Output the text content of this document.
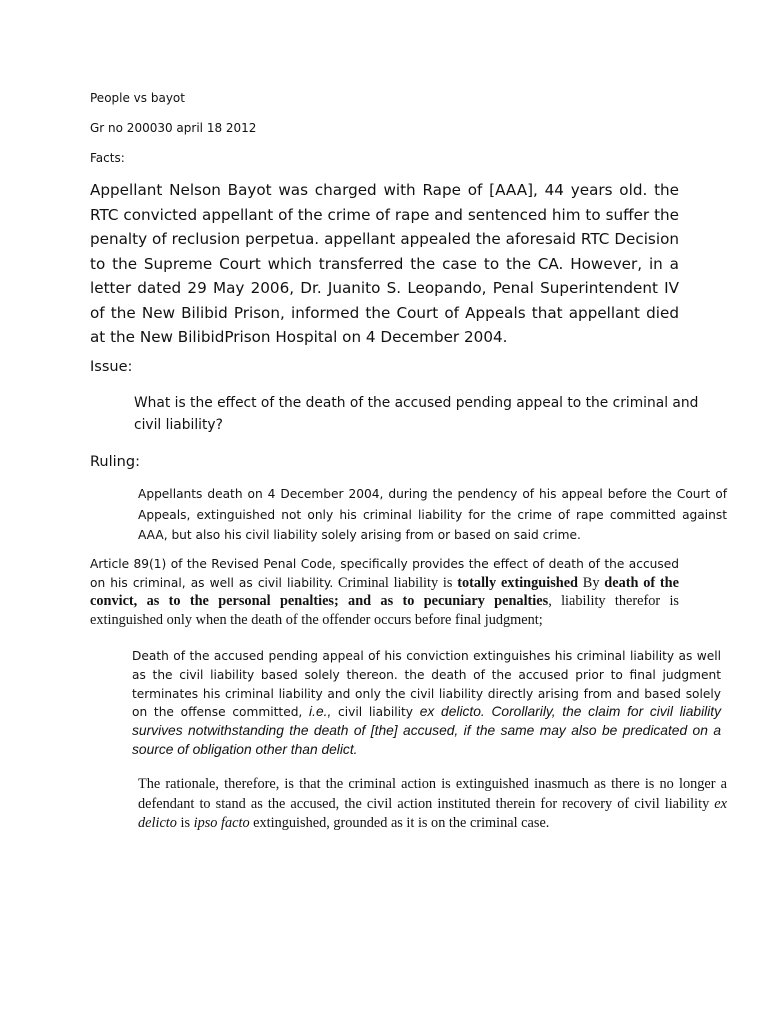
People vs bayot

Gr no 200030 april 18 2012

Facts:

Appellant Nelson Bayot was charged with Rape of [AAA], 44 years old. the RTC convicted appellant of the crime of rape and sentenced him to suffer the penalty of reclusion perpetua. appellant appealed the aforesaid RTC Decision to the Supreme Court which transferred the case to the CA. However, in a letter dated 29 May 2006, Dr. Juanito S. Leopando, Penal Superintendent IV of the New Bilibid Prison, informed the Court of Appeals that appellant died at the New BilibidPrison Hospital on 4 December 2004.

Issue:

What is the effect of the death of the accused pending appeal to the criminal and civil liability?

Ruling:

Appellants death on 4 December 2004, during the pendency of his appeal before the Court of Appeals, extinguished not only his criminal liability for the crime of rape committed against AAA, but also his civil liability solely arising from or based on said crime.

Article 89(1) of the Revised Penal Code, specifically provides the effect of death of the accused on his criminal, as well as civil liability. Criminal liability is totally extinguished By death of the convict, as to the personal penalties; and as to pecuniary penalties, liability therefor is extinguished only when the death of the offender occurs before final judgment;

Death of the accused pending appeal of his conviction extinguishes his criminal liability as well as the civil liability based solely thereon. the death of the accused prior to final judgment terminates his criminal liability and only the civil liability directly arising from and based solely on the offense committed, i.e., civil liability ex delicto. Corollarily, the claim for civil liability survives notwithstanding the death of [the] accused, if the same may also be predicated on a source of obligation other than delict.

The rationale, therefore, is that the criminal action is extinguished inasmuch as there is no longer a defendant to stand as the accused, the civil action instituted therein for recovery of civil liability ex delicto is ipso facto extinguished, grounded as it is on the criminal case.
